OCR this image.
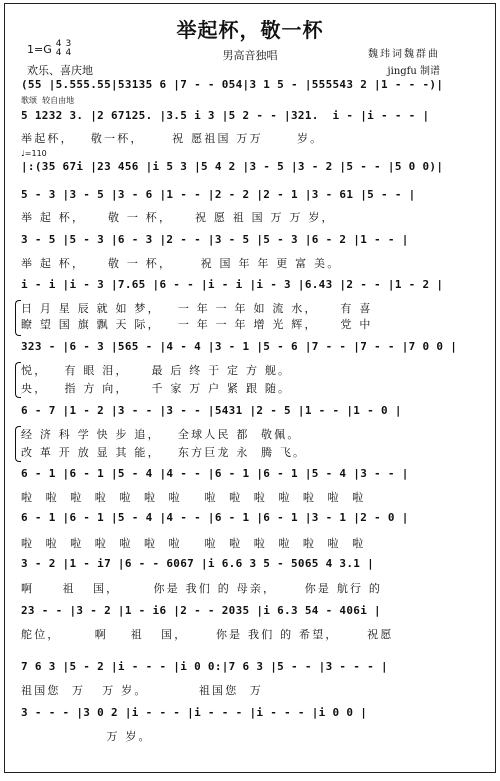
举起杯，敬一杯
男高音独唱
1=G 4
4
3
4
欢乐、喜庆地
魏玮词魏群曲
jingfu 制谱
(55 |5.555.55|53135 6 |7 - - 054|3 1 5 - |555543 2 |1 - - -)|
歌颂  较自由地
5 1232 3. |2 67125. |3.5 i 3 |5 2 - - |321.  i - |i - - - |
举起杯，   敬一杯，     祝 愿祖国 万万      岁。
♩=110
|:(35 67i |23 456 |i 5 3 |5 4 2 |3 - 5 |3 - 2 |5 - - |5 0 0)|
5 - 3 |3 - 5 |3 - 6 |1 - - |2 - 2 |2 - 1 |3 - 61 |5 - - |
举 起 杯，    敬 一 杯，    祝 愿 祖 国 万 万 岁，
3 - 5 |5 - 3 |6 - 3 |2 - - |3 - 5 |5 - 3 |6 - 2 |1 - - |
举 起 杯，    敬 一 杯，     祝 国 年 年 更 富 美。
i - i |i - 3 |7.65 |6 - - |i - i |i - 3 |6.43 |2 - - |1 - 2 |
日 月 星 辰 就 如 梦，   一 年 一 年 如 流 水，    有 喜
瞭 望 国 旗 飘 天 际，   一 年 一 年 增 光 辉，    党 中
323 - |6 - 3 |565 - |4 - 4 |3 - 1 |5 - 6 |7 - - |7 - - |7 0 0 |
悦，   有 眼 泪，    最 后 终 于 定 方 舰。
央，   指 方 向，    千 家 万 户 紧 跟 随。
6 - 7 |1 - 2 |3 - - |3 - - |5431 |2 - 5 |1 - - |1 - 0 |
经 济 科 学 快 步 追，   全球人民 都  敬佩。
改 革 开 放 显 其 能，   东方巨龙 永  腾 飞。
6 - 1 |6 - 1 |5 - 4 |4 - - |6 - 1 |6 - 1 |5 - 4 |3 - - |
啦  啦  啦  啦  啦  啦  啦    啦  啦  啦  啦  啦  啦  啦
6 - 1 |6 - 1 |5 - 4 |4 - - |6 - 1 |6 - 1 |3 - 1 |2 - 0 |
啦  啦  啦  啦  啦  啦  啦    啦  啦  啦  啦  啦  啦  啦
3 - 2 |1 - i7 |6 - - 6067 |i 6.6 3 5 - 5065 4 3.1 |
啊     祖   国，      你是 我们 的 母亲，     你是 航行 的
23 - - |3 - 2 |1 - i6 |2 - - 2035 |i 6.3 54 - 406i |
舵位，      啊    祖   国，     你是 我们 的 希望，     祝愿
7 6 3 |5 - 2 |i - - - |i 0 0:|7 6 3 |5 - - |3 - - - |
祖国您  万   万 岁。         祖国您  万
3 - - - |3 0 2 |i - - - |i - - - |i - - - |i 0 0 |
万 岁。
